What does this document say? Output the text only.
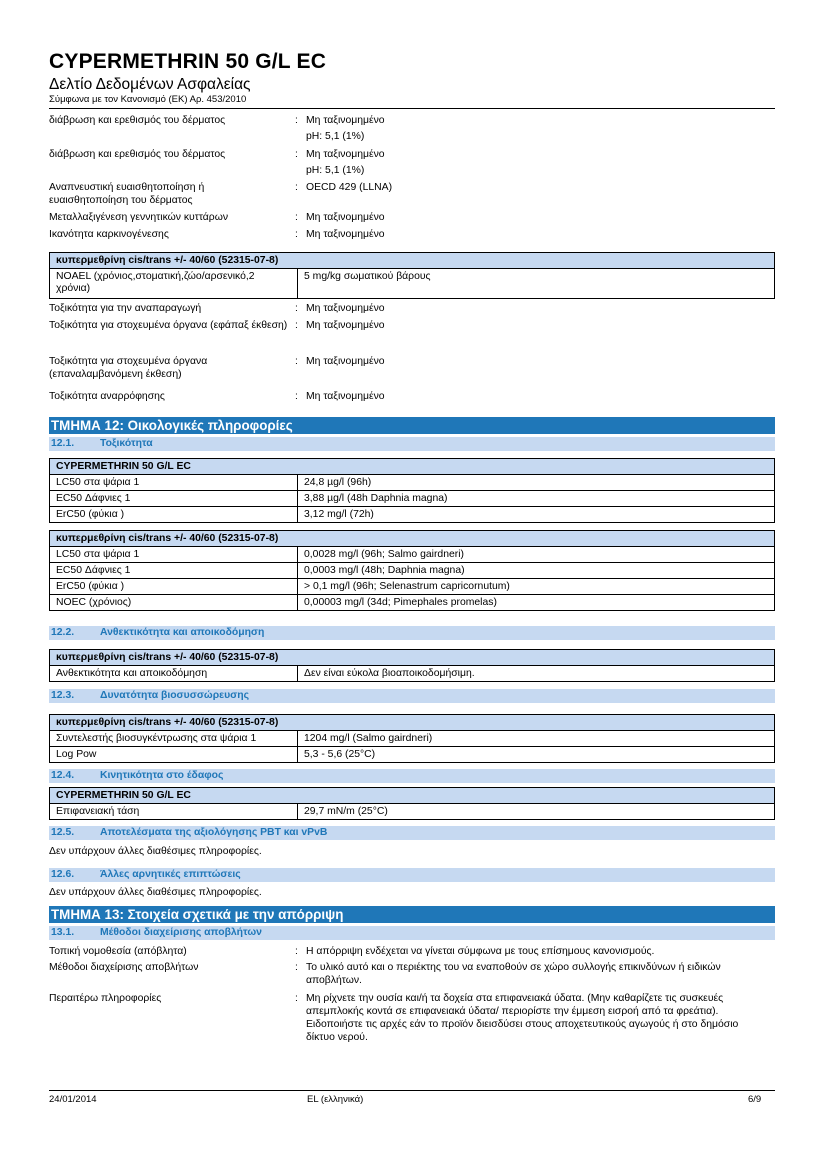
CYPERMETHRIN 50 G/L EC
Δελτίο Δεδομένων Ασφαλείας
Σύμφωνα με τον Κανονισμό (ΕΚ) Αρ. 453/2010
διάβρωση και ερεθισμός του δέρματος	: Μη ταξινομημένο
pH: 5,1 (1%)
διάβρωση και ερεθισμός του δέρματος	: Μη ταξινομημένο
pH: 5,1 (1%)
Αναπνευστική ευαισθητοποίηση ή ευαισθητοποίηση του δέρματος
: OECD 429 (LLNA)
Μεταλλαξιγένεση γεννητικών κυττάρων	: Μη ταξινομημένο
Ικανότητα καρκινογένεσης	: Μη ταξινομημένο
κυπερμεθρίνη cis/trans +/- 40/60 (52315-07-8)
NOAEL (χρόνιος,στοματική,ζώο/αρσενικό,2 χρόνια)	5 mg/kg σωματικού βάρους
Τοξικότητα για την αναπαραγωγή	: Μη ταξινομημένο
Τοξικότητα για στοχευμένα όργανα (εφάπαξ έκθεση) : Μη ταξινομημένο
Τοξικότητα για στοχευμένα όργανα (επαναλαμβανόμενη έκθεση)
: Μη ταξινομημένο
Τοξικότητα αναρρόφησης	: Μη ταξινομημένο
ΤΜΗΜΑ 12: Οικολογικές πληροφορίες
12.1. Τοξικότητα
CYPERMETHRIN 50 G/L EC	
LC50 στα ψάρια 1	24,8 µg/l (96h)
EC50 Δάφνιες 1	3,88 µg/l (48h Daphnia magna)
ErC50 (φύκια )	3,12 mg/l (72h)
κυπερμεθρίνη cis/trans +/- 40/60 (52315-07-8)	
LC50 στα ψάρια 1	0,0028 mg/l (96h; Salmo gairdneri)
EC50 Δάφνιες 1	0,0003 mg/l (48h; Daphnia magna)
ErC50 (φύκια )	> 0,1 mg/l (96h; Selenastrum capricornutum)
NOEC (χρόνιος)	0,00003 mg/l (34d; Pimephales promelas)
12.2. Ανθεκτικότητα και αποικοδόμηση
κυπερμεθρίνη cis/trans +/- 40/60 (52315-07-8)
Ανθεκτικότητα και αποικοδόμηση	Δεν είναι εύκολα βιοαποικοδομήσιμη.
12.3. Δυνατότητα βιοσυσσώρευσης
κυπερμεθρίνη cis/trans +/- 40/60 (52315-07-8)	
Συντελεστής βιοσυγκέντρωσης στα ψάρια 1	1204 mg/l (Salmo gairdneri)
Log Pow	5,3 - 5,6 (25°C)
12.4. Κινητικότητα στο έδαφος
CYPERMETHRIN 50 G/L EC
Επιφανειακή τάση	29,7 mN/m (25°C)
12.5. Αποτελέσματα της αξιολόγησης PBT και vPvB
Δεν υπάρχουν άλλες διαθέσιμες πληροφορίες.
12.6. Άλλες αρνητικές επιπτώσεις
Δεν υπάρχουν άλλες διαθέσιμες πληροφορίες.
ΤΜΗΜΑ 13: Στοιχεία σχετικά με την απόρριψη
13.1. Μέθοδοι διαχείρισης αποβλήτων
Τοπική νομοθεσία (απόβλητα)	: Η απόρριψη ενδέχεται να γίνεται σύμφωνα με τους επίσημους κανονισμούς.
Μέθοδοι διαχείρισης αποβλήτων	: Το υλικό αυτό και ο περιέκτης του να εναποθούν σε χώρο συλλογής επικινδύνων ή ειδικών αποβλήτων.
Περαιτέρω πληροφορίες	: Μη ρίχνετε την ουσία και/ή τα δοχεία στα επιφανειακά ύδατα. (Μην καθαρίζετε τις συσκευές απεμπλοκής κοντά σε επιφανειακά ύδατα/ περιορίστε την έμμεση εισροή από τα φρεάτια). Ειδοποιήστε τις αρχές εάν το προϊόν διεισδύσει στους αποχετευτικούς αγωγούς ή στο δημόσιο δίκτυο νερού.
24/01/2014	EL (ελληνικά)	6/9
